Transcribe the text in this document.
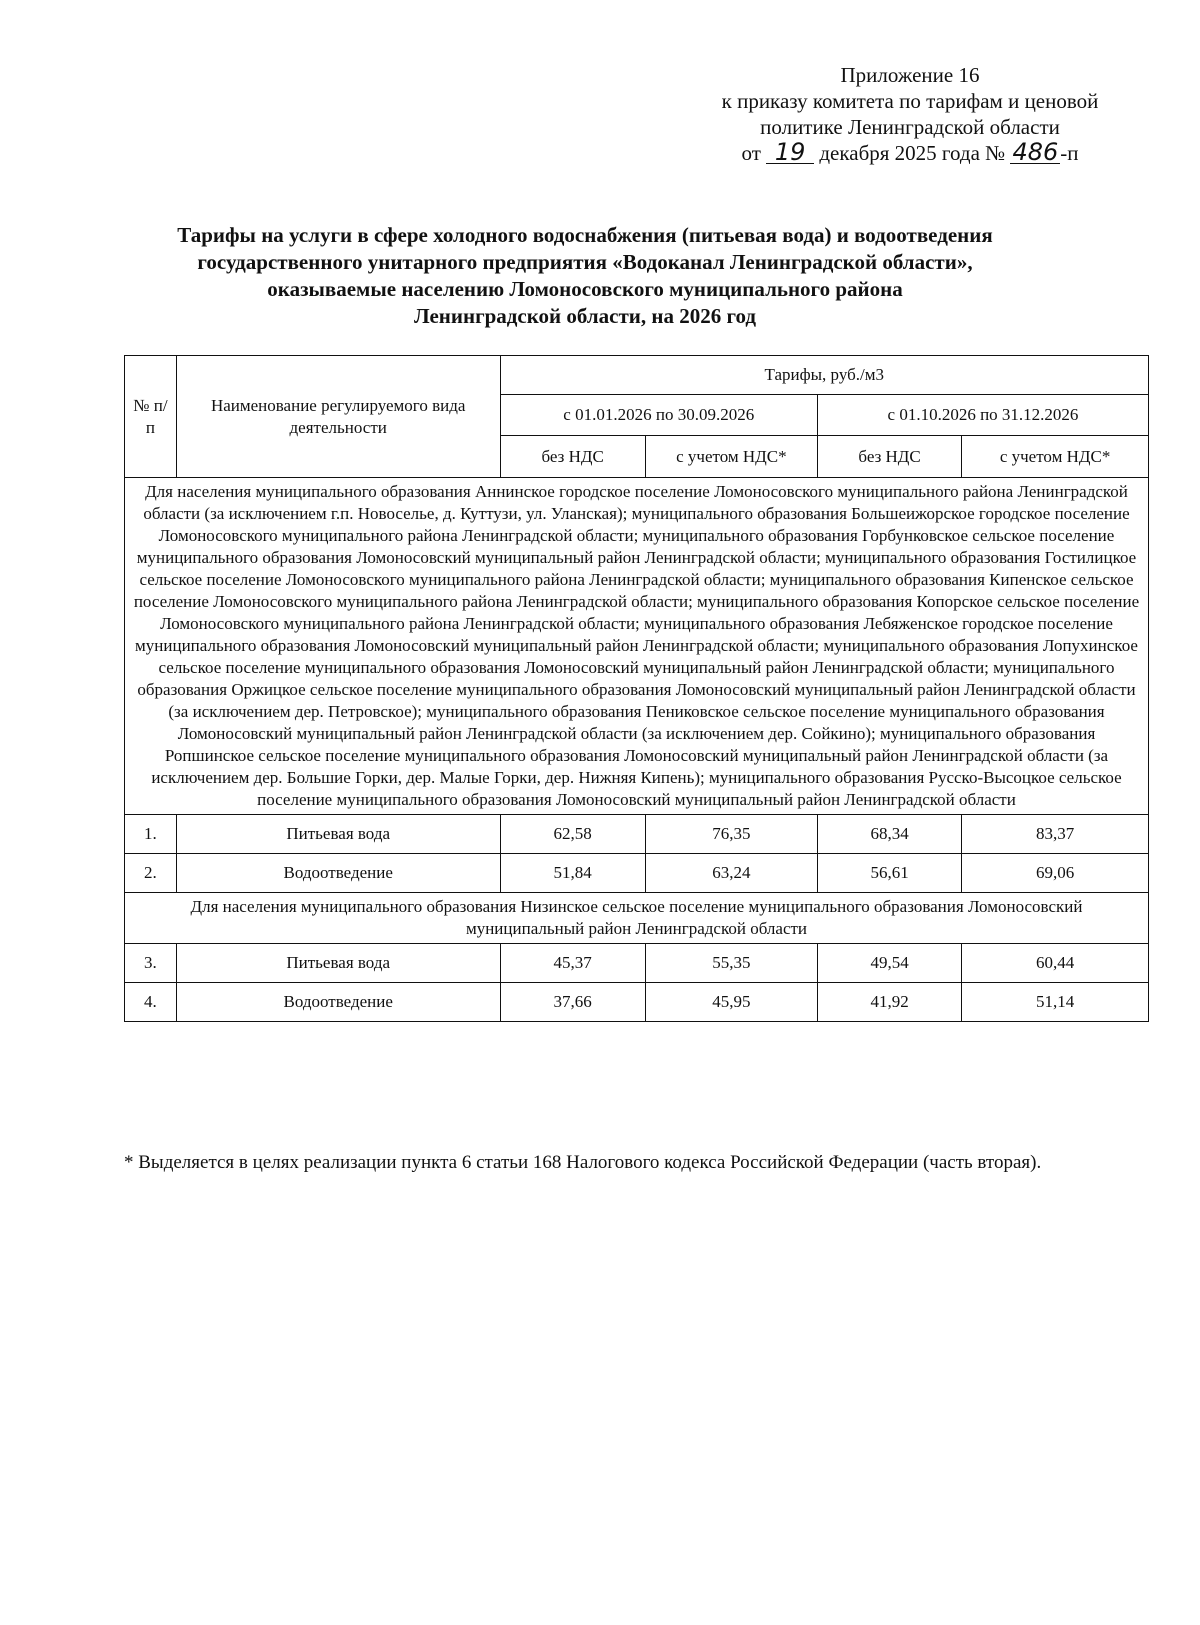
Приложение 16
к приказу комитета по тарифам и ценовой
политике Ленинградской области
от 19 декабря 2025 года № 486-п
Тарифы на услуги в сфере холодного водоснабжения (питьевая вода) и водоотведения
государственного унитарного предприятия «Водоканал Ленинградской области»,
оказываемые населению Ломоносовского муниципального района
Ленинградской области, на 2026 год
№ п/п	Наименование регулируемого вида деятельности	Тарифы, руб./м3			
		с 01.01.2026 по 30.09.2026		с 01.10.2026 по 31.12.2026	
		без НДС	с учетом НДС*	без НДС	с учетом НДС*
Для населения муниципального образования Аннинское городское поселение Ломоносовского муниципального района Ленинградской области (за исключением г.п. Новоселье, д. Куттузи, ул. Уланская); муниципального образования Большеижорское городское поселение Ломоносовского муниципального района Ленинградской области; муниципального образования Горбунковское сельское поселение муниципального образования Ломоносовский муниципальный район Ленинградской области; муниципального образования Гостилицкое сельское поселение Ломоносовского муниципального района Ленинградской области; муниципального образования Кипенское сельское поселение Ломоносовского муниципального района Ленинградской области; муниципального образования Копорское сельское поселение Ломоносовского муниципального района Ленинградской области; муниципального образования Лебяженское городское поселение муниципального образования Ломоносовский муниципальный район Ленинградской области; муниципального образования Лопухинское сельское поселение муниципального образования Ломоносовский муниципальный район Ленинградской области; муниципального образования Оржицкое сельское поселение муниципального образования Ломоносовский муниципальный район Ленинградской области (за исключением дер. Петровское); муниципального образования Пениковское сельское поселение муниципального образования Ломоносовский муниципальный район Ленинградской области (за исключением дер. Сойкино); муниципального образования Ропшинское сельское поселение муниципального образования Ломоносовский муниципальный район Ленинградской области (за исключением дер. Большие Горки, дер. Малые Горки, дер. Нижняя Кипень); муниципального образования Русско-Высоцкое сельское поселение муниципального образования Ломоносовский муниципальный район Ленинградской области					
1.	Питьевая вода	62,58	76,35	68,34	83,37
2.	Водоотведение	51,84	63,24	56,61	69,06
Для населения муниципального образования Низинское сельское поселение муниципального образования Ломоносовский муниципальный район Ленинградской области					
3.	Питьевая вода	45,37	55,35	49,54	60,44
4.	Водоотведение	37,66	45,95	41,92	51,14
* Выделяется в целях реализации пункта 6 статьи 168 Налогового кодекса Российской Федерации (часть вторая).
